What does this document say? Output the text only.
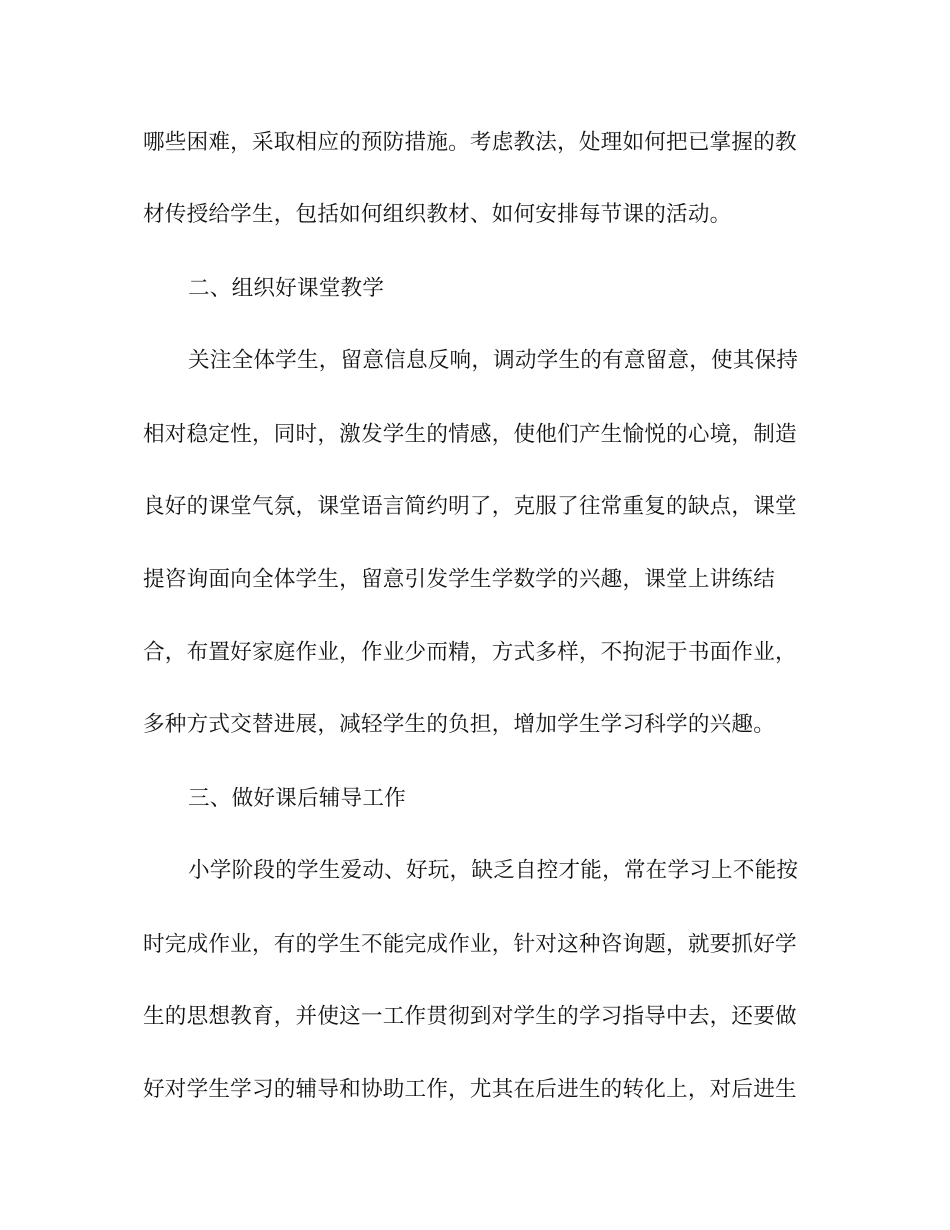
哪些困难，采取相应的预防措施。考虑教法，处理如何把已掌握的教
材传授给学生，包括如何组织教材、如何安排每节课的活动。
二、组织好课堂教学
关注全体学生，留意信息反响，调动学生的有意留意，使其保持
相对稳定性，同时，激发学生的情感，使他们产生愉悦的心境，制造
良好的课堂气氛，课堂语言简约明了，克服了往常重复的缺点，课堂
提咨询面向全体学生，留意引发学生学数学的兴趣，课堂上讲练结
合，布置好家庭作业，作业少而精，方式多样，不拘泥于书面作业，
多种方式交替进展，减轻学生的负担，增加学生学习科学的兴趣。
三、做好课后辅导工作
小学阶段的学生爱动、好玩，缺乏自控才能，常在学习上不能按
时完成作业，有的学生不能完成作业，针对这种咨询题，就要抓好学
生的思想教育，并使这一工作贯彻到对学生的学习指导中去，还要做
好对学生学习的辅导和协助工作，尤其在后进生的转化上，对后进生
